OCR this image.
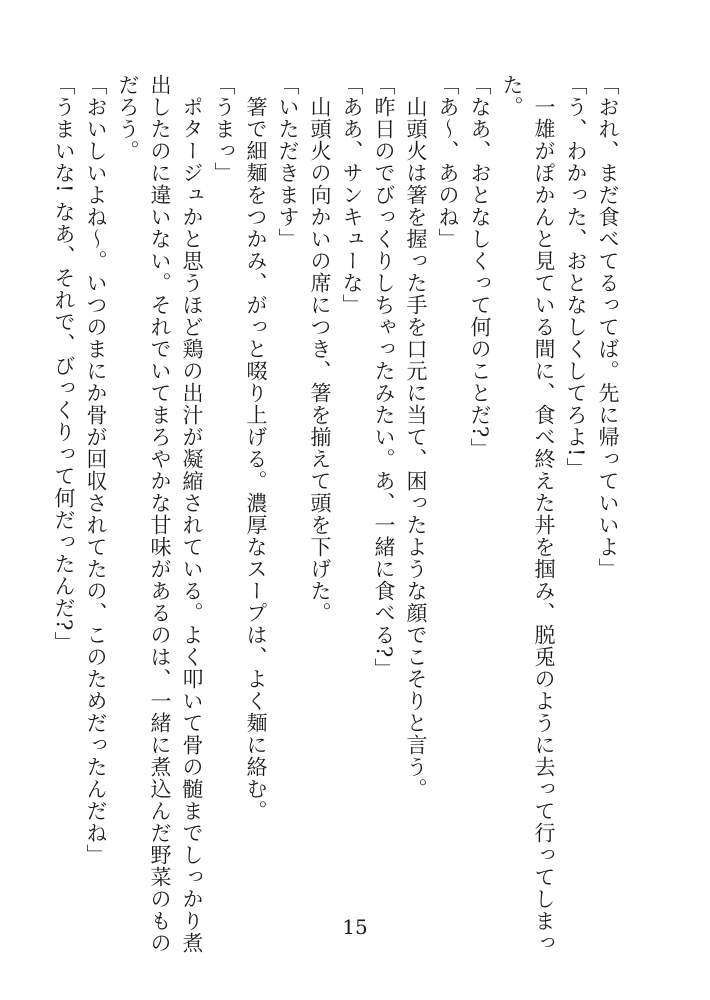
「おれ、まだ食べてるってば。先に帰っていいよ」

「う、わかった、おとなしくしてろよ!」

　一雄がぽかんと見ている間に、食べ終えた丼を掴み、脱兎のように去って行ってしまっ

た。

「なあ、おとなしくって何のことだ?」

「あ〜、あのね」

　山頭火は箸を握った手を口元に当て、困ったような顔でこそりと言う。

「昨日のでびっくりしちゃったみたい。あ、一緒に食べる?」

「ああ、サンキューな」

　山頭火の向かいの席につき、箸を揃えて頭を下げた。

「いただきます」

　箸で細麺をつかみ、がっと啜り上げる。濃厚なスープは、よく麺に絡む。

「うまっ」

　ポタージュかと思うほど鶏の出汁が凝縮されている。よく叩いて骨の髄までしっかり煮

出したのに違いない。それでいてまろやかな甘味があるのは、一緒に煮込んだ野菜のもの

だろう。

「おいしいよね〜。いつのまにか骨が回収されてたの、このためだったんだね」

「うまいな! なあ、それで、びっくりって何だったんだ?」

15
